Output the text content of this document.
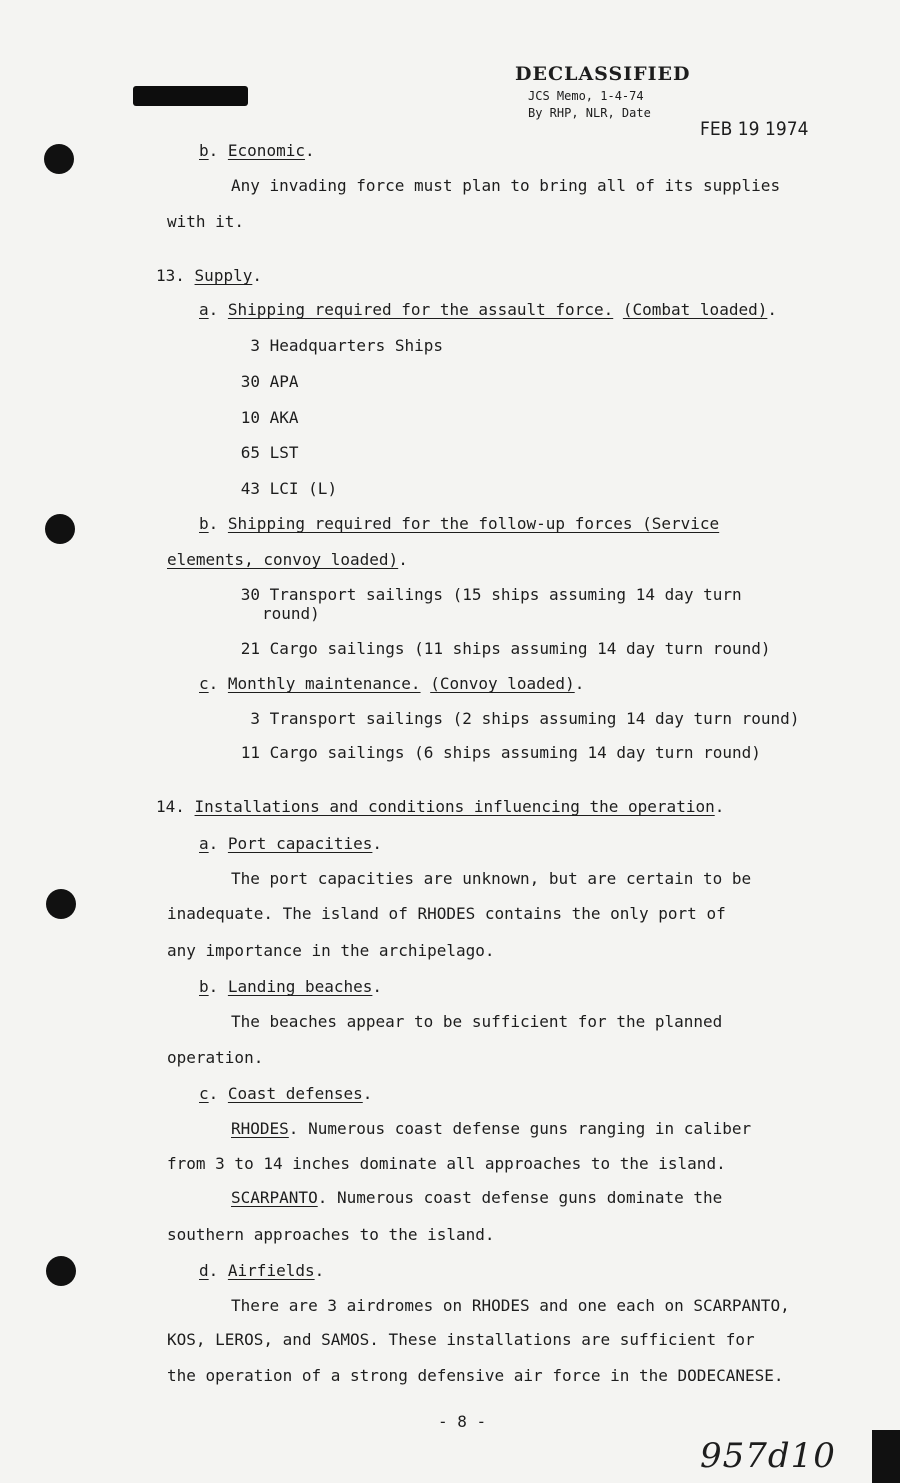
DECLASSIFIED
JCS Memo, 1-4-74
By RHP, NLR, Date
FEB 19 1974
b. Economic.
Any invading force must plan to bring all of its supplies
with it.
13. Supply.
a. Shipping required for the assault force. (Combat loaded).
3 Headquarters Ships
30 APA
10 AKA
65 LST
43 LCI (L)
b. Shipping required for the follow-up forces (Service
elements, convoy loaded).
30 Transport sailings (15 ships assuming 14 day turn
round)
21 Cargo sailings (11 ships assuming 14 day turn round)
c. Monthly maintenance. (Convoy loaded).
3 Transport sailings (2 ships assuming 14 day turn round)
11 Cargo sailings (6 ships assuming 14 day turn round)
14. Installations and conditions influencing the operation.
a. Port capacities.
The port capacities are unknown, but are certain to be
inadequate. The island of RHODES contains the only port of
any importance in the archipelago.
b. Landing beaches.
The beaches appear to be sufficient for the planned
operation.
c. Coast defenses.
RHODES. Numerous coast defense guns ranging in caliber
from 3 to 14 inches dominate all approaches to the island.
SCARPANTO. Numerous coast defense guns dominate the
southern approaches to the island.
d. Airfields.
There are 3 airdromes on RHODES and one each on SCARPANTO,
KOS, LEROS, and SAMOS. These installations are sufficient for
the operation of a strong defensive air force in the DODECANESE.
- 8 -
957d10
